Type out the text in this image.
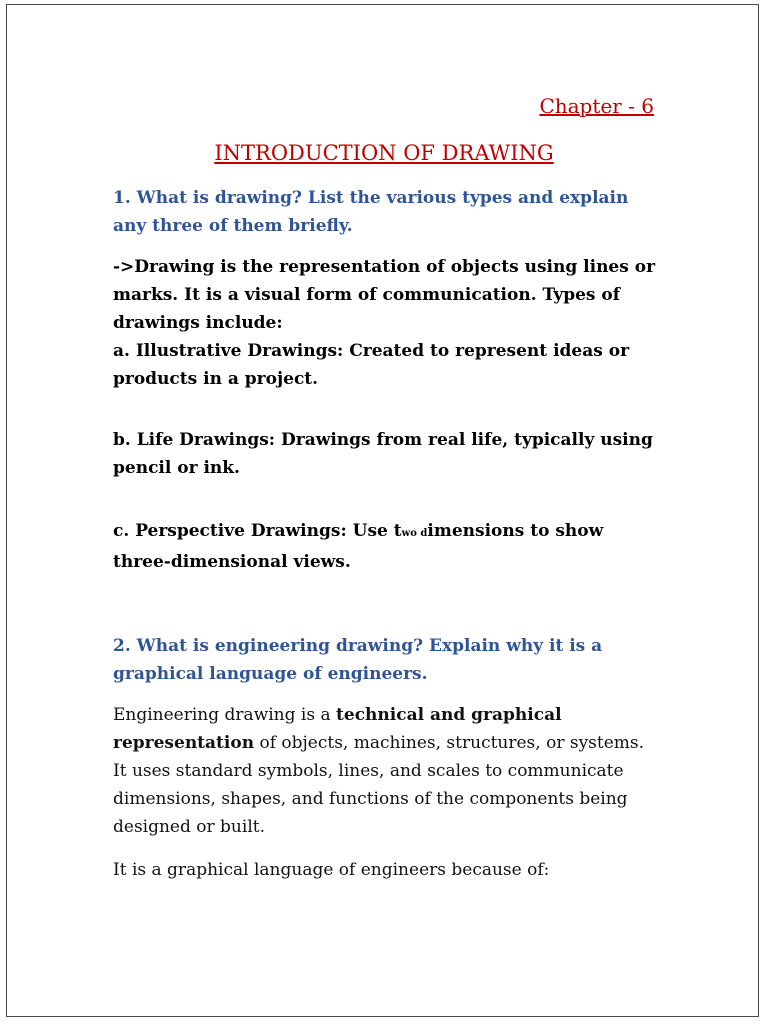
Chapter - 6
INTRODUCTION OF DRAWING
1. What is drawing? List the various types and explain any three of them briefly.
->Drawing is the representation of objects using lines or marks. It is a visual form of communication. Types of drawings include:
a. Illustrative Drawings: Created to represent ideas or products in a project.
b. Life Drawings: Drawings from real life, typically using pencil or ink.
c. Perspective Drawings: Use two dimensions to show three-dimensional views.
2. What is engineering drawing? Explain why it is a graphical language of engineers.
Engineering drawing is a technical and graphical representation of objects, machines, structures, or systems. It uses standard symbols, lines, and scales to communicate dimensions, shapes, and functions of the components being designed or built.
It is a graphical language of engineers because of:
